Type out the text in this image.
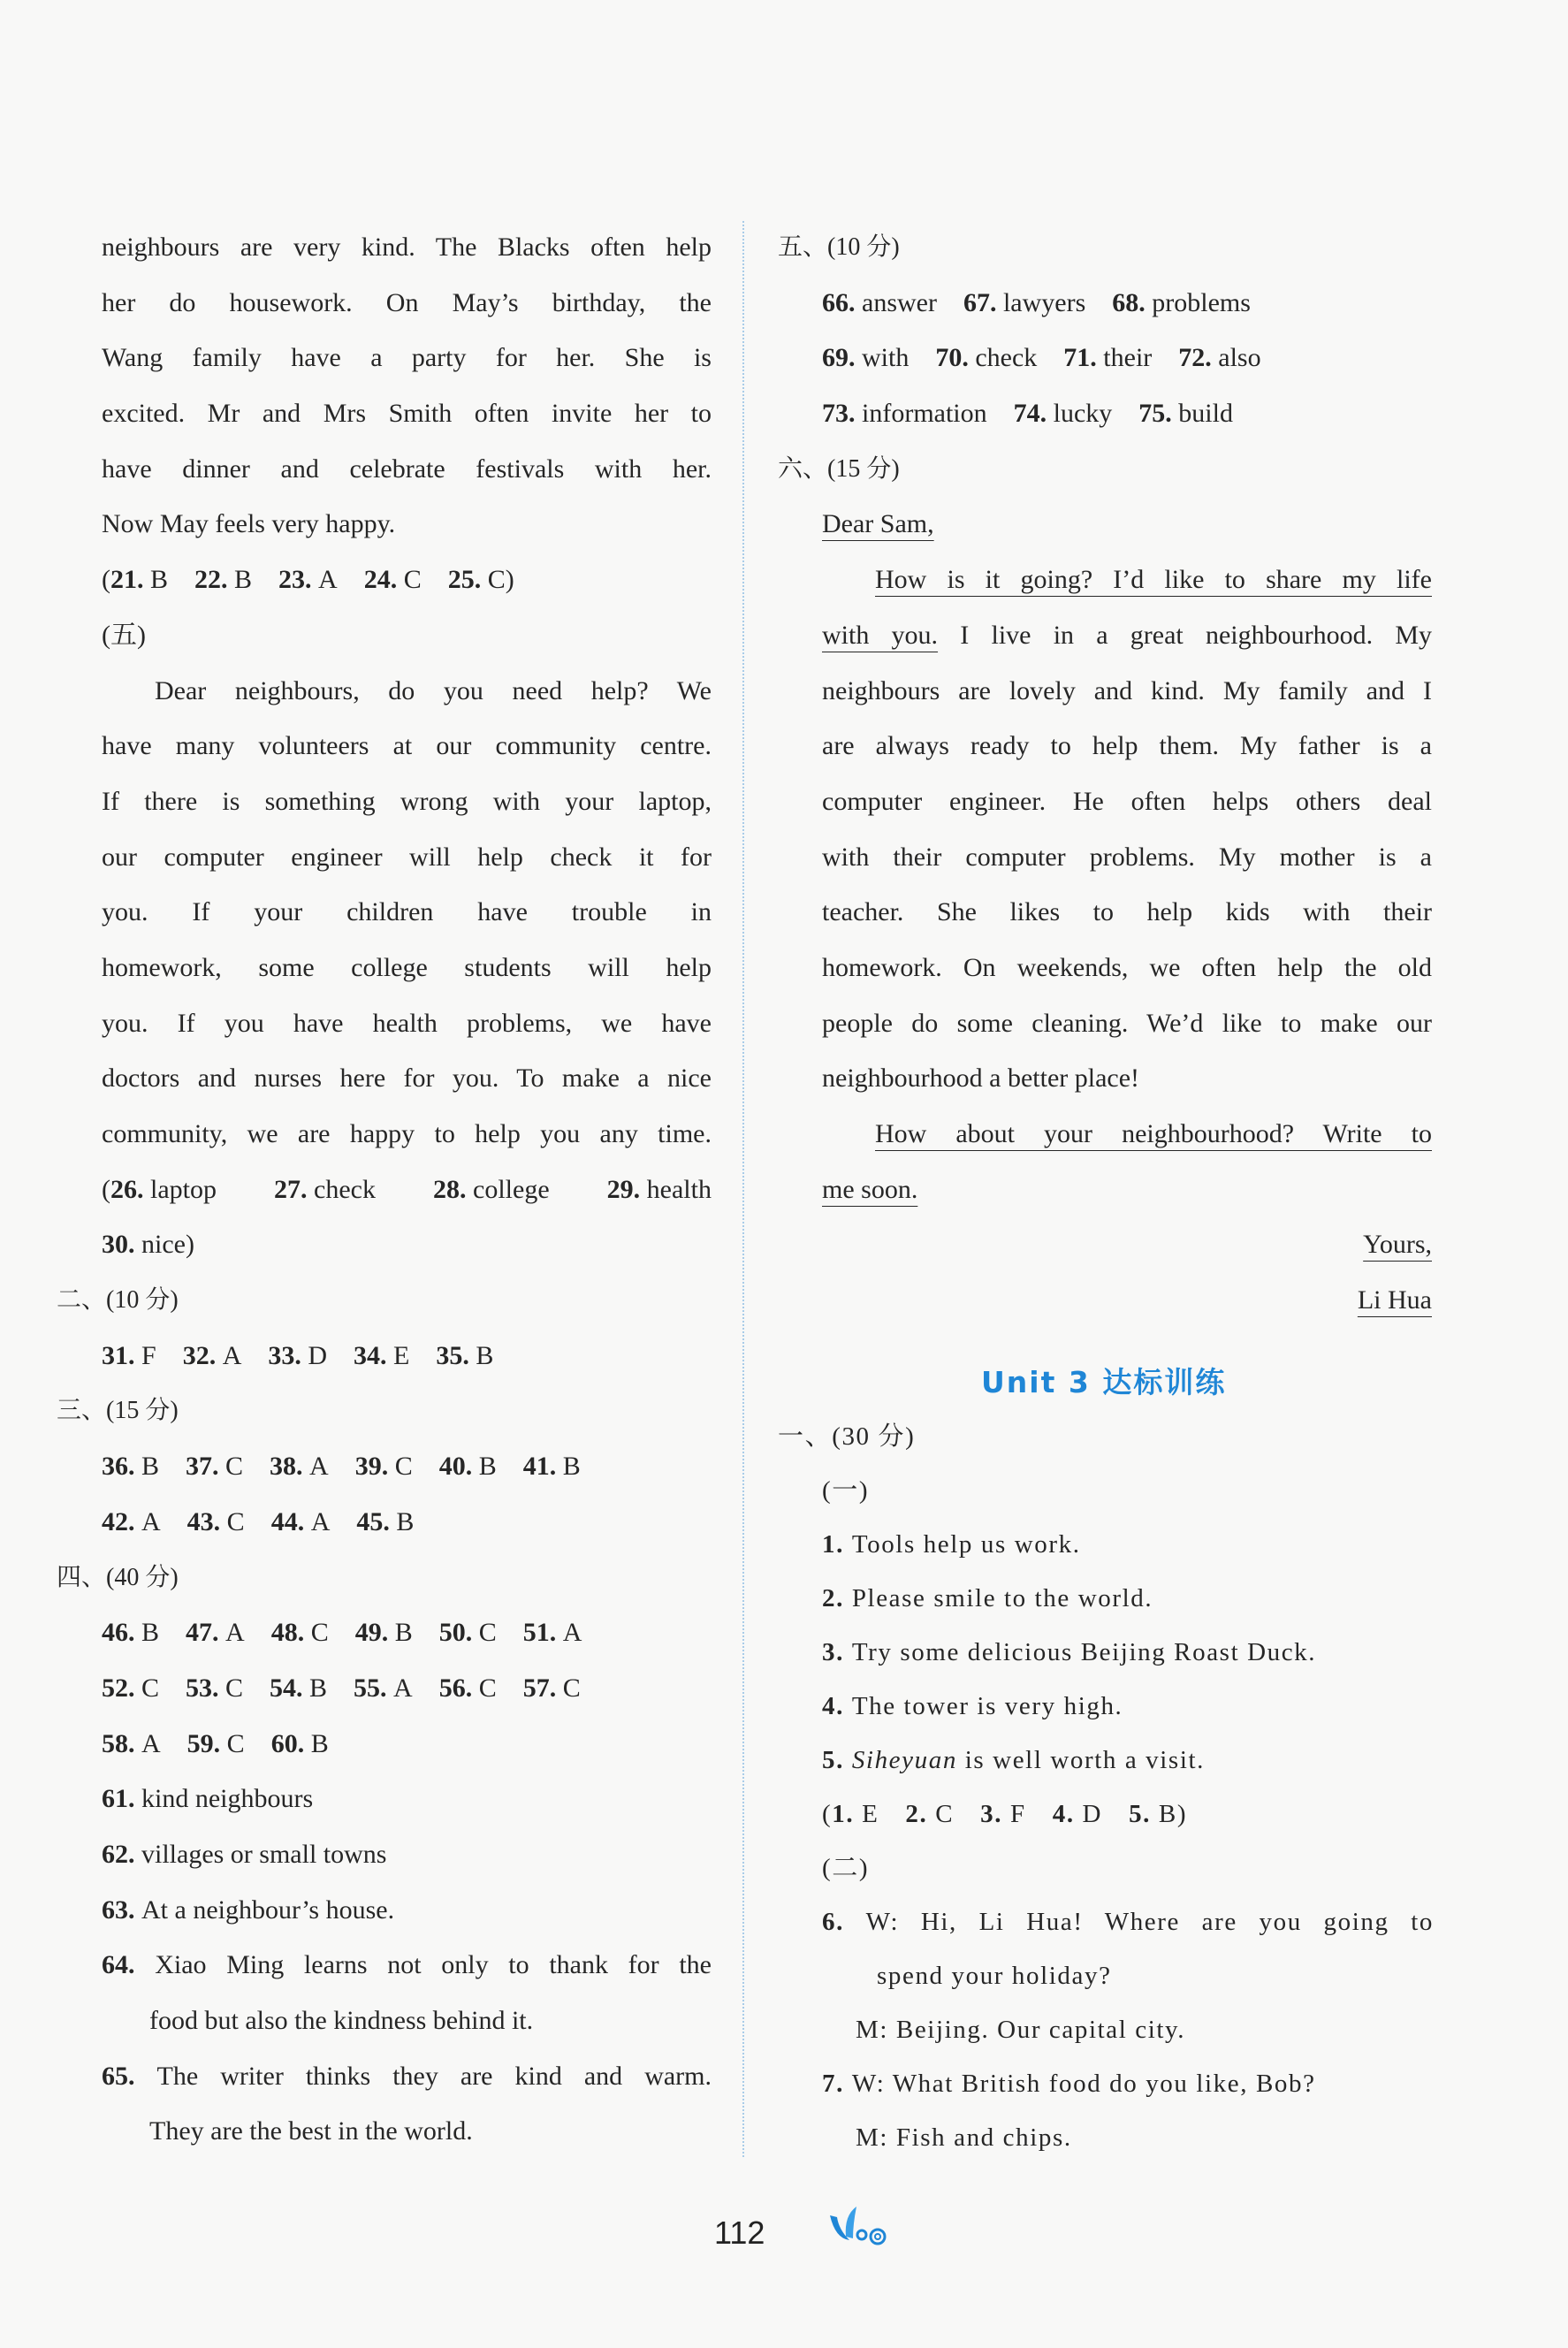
neighbours are very kind. The Blacks often help
her do housework. On May’s birthday, the
Wang family have a party for her. She is
excited. Mr and Mrs Smith often invite her to
have dinner and celebrate festivals with her.
Now May feels very happy.
(21. B 22. B 23. A 24. C 25. C)
(五)
Dear neighbours, do you need help? We
have many volunteers at our community centre.
If there is something wrong with your laptop,
our computer engineer will help check it for
you. If your children have trouble in
homework, some college students will help
you. If you have health problems, we have
doctors and nurses here for you. To make a nice
community, we are happy to help you any time.
(26. laptop 27. check 28. college 29. health
30. nice)
二、(10 分)
31. F 32. A 33. D 34. E 35. B
三、(15 分)
36. B 37. C 38. A 39. C 40. B 41. B
42. A 43. C 44. A 45. B
四、(40 分)
46. B 47. A 48. C 49. B 50. C 51. A
52. C 53. C 54. B 55. A 56. C 57. C
58. A 59. C 60. B
61. kind neighbours
62. villages or small towns
63. At a neighbour’s house.
64. Xiao Ming learns not only to thank for the
food but also the kindness behind it.
65. The writer thinks they are kind and warm.
They are the best in the world.
五、(10 分)
66. answer 67. lawyers 68. problems
69. with 70. check 71. their 72. also
73. information 74. lucky 75. build
六、(15 分)
Dear Sam,
How is it going? I’d like to share my life
with you. I live in a great neighbourhood. My
neighbours are lovely and kind. My family and I
are always ready to help them. My father is a
computer engineer. He often helps others deal
with their computer problems. My mother is a
teacher. She likes to help kids with their
homework. On weekends, we often help the old
people do some cleaning. We’d like to make our
neighbourhood a better place!
How about your neighbourhood? Write to
me soon.
Yours,
Li Hua
Unit 3 达标训练
一、(30 分)
(一)
1. Tools help us work.
2. Please smile to the world.
3. Try some delicious Beijing Roast Duck.
4. The tower is very high.
5. Siheyuan is well worth a visit.
(1. E 2. C 3. F 4. D 5. B)
(二)
6. W: Hi, Li Hua! Where are you going to
spend your holiday?
M: Beijing. Our capital city.
7. W: What British food do you like, Bob?
M: Fish and chips.
112
